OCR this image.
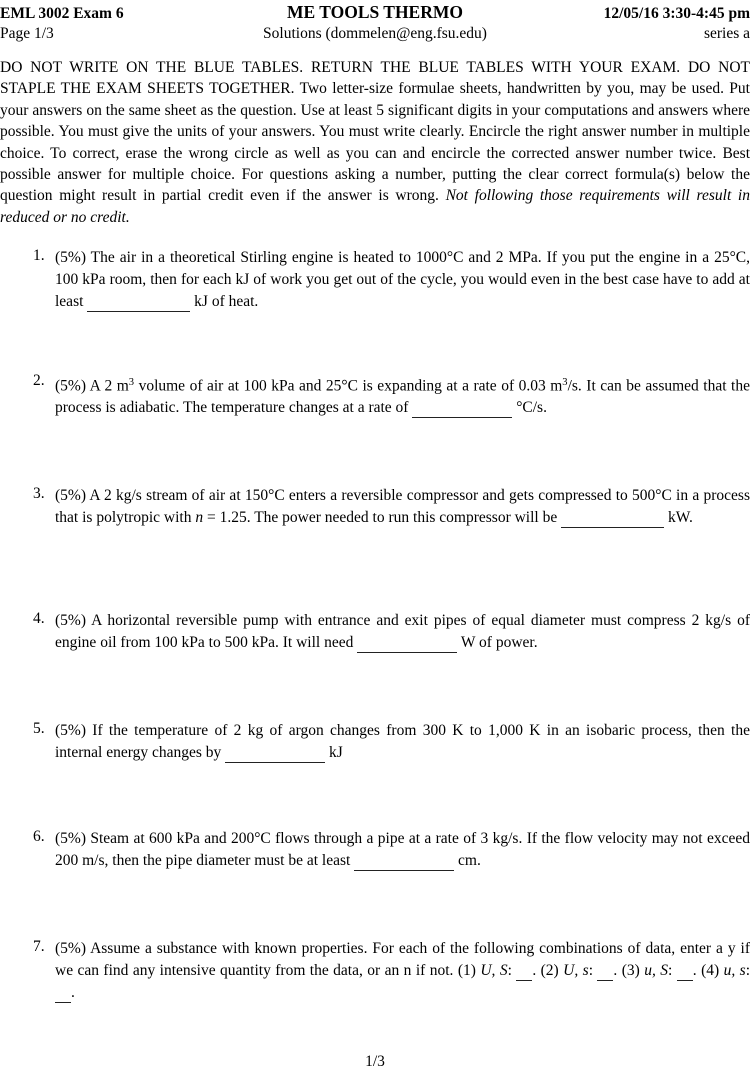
EML 3002 Exam 6	ME TOOLS THERMO	12/05/16 3:30-4:45 pm
Page 1/3	Solutions (dommelen@eng.fsu.edu)	series a

DO NOT WRITE ON THE BLUE TABLES. RETURN THE BLUE TABLES WITH YOUR EXAM. DO NOT STAPLE THE EXAM SHEETS TOGETHER. Two letter-size formulae sheets, handwritten by you, may be used. Put your answers on the same sheet as the question. Use at least 5 significant digits in your computations and answers where possible. You must give the units of your answers. You must write clearly. Encircle the right answer number in multiple choice. To correct, erase the wrong circle as well as you can and encircle the corrected answer number twice. Best possible answer for multiple choice. For questions asking a number, putting the clear correct formula(s) below the question might result in partial credit even if the answer is wrong. Not following those requirements will result in reduced or no credit.

1. (5%) The air in a theoretical Stirling engine is heated to 1000°C and 2 MPa. If you put the engine in a 25°C, 100 kPa room, then for each kJ of work you get out of the cycle, you would even in the best case have to add at least	kJ of heat.
2. (5%) A 2 $m^3$ volume of air at 100 kPa and 25°C is expanding at a rate of 0.03 $m^3/s$. It can be assumed that the process is adiabatic. The temperature changes at a rate of	°C/s.
3. (5%) A 2 kg/s stream of air at 150°C enters a reversible compressor and gets compressed to 500°C in a process that is polytropic with n = 1.25. The power needed to run this compressor will be	kW.
4. (5%) A horizontal reversible pump with entrance and exit pipes of equal diameter must compress 2 kg/s of engine oil from 100 kPa to 500 kPa. It will need	W of power.
5. (5%) If the temperature of 2 kg of argon changes from 300 K to 1,000 K in an isobaric process, then the internal energy changes by	kJ
6. (5%) Steam at 600 kPa and 200°C flows through a pipe at a rate of 3 kg/s. If the flow velocity may not exceed 200 m/s, then the pipe diameter must be at least	cm.
7. (5%) Assume a substance with known properties. For each of the following combinations of data, enter a y if we can find any intensive quantity from the data, or an n if not. (1) U, S: . (2) U, s: . (3) u, S: . (4) u, s: .
1/3
